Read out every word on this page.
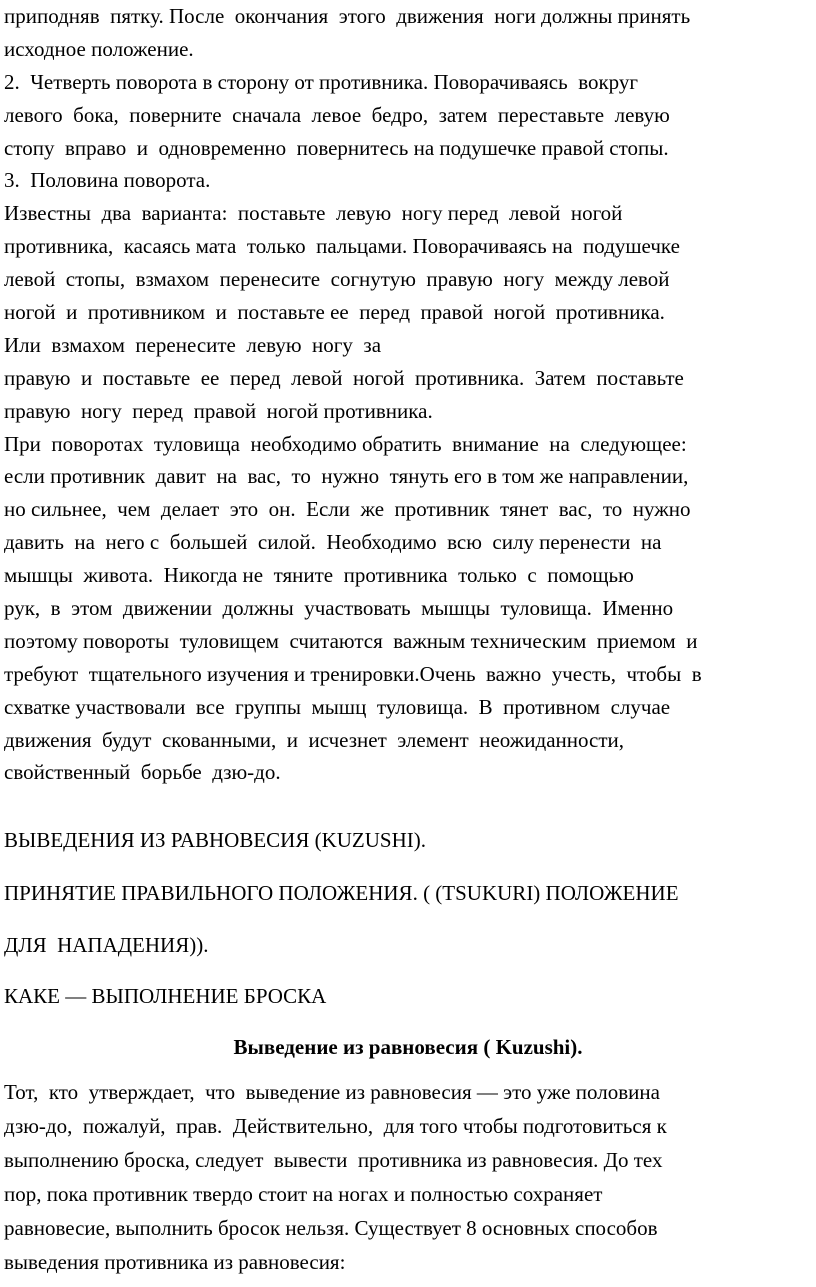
приподняв  пятку. После  окончания  этого  движения  ноги должны принять
исходное положение.
2.  Четверть поворота в сторону от противника. Поворачиваясь  вокруг
левого  бока,  поверните  сначала  левое  бедро,  затем  переставьте  левую
стопу  вправо  и  одновременно  повернитесь на подушечке правой стопы.
3.  Половина поворота.
Известны  два  варианта:  поставьте  левую  ногу перед  левой  ногой
противника,  касаясь мата  только  пальцами. Поворачиваясь на  подушечке
левой  стопы,  взмахом  перенесите  согнутую  правую  ногу  между левой
ногой  и  противником  и  поставьте ее  перед  правой  ногой  противника.
Или  взмахом  перенесите  левую  ногу  за
правую  и  поставьте  ее  перед  левой  ногой  противника.  Затем  поставьте
правую  ногу  перед  правой  ногой противника.
При  поворотах  туловища  необходимо обратить  внимание  на  следующее:
если противник  давит  на  вас,  то  нужно  тянуть его в том же направлении,
но сильнее,  чем  делает  это  он.  Если  же  противник  тянет  вас,  то  нужно
давить  на  него с  большей  силой.  Необходимо  всю  силу перенести  на
мышцы  живота.  Никогда не  тяните  противника  только  с  помощью
рук,  в  этом  движении  должны  участвовать  мышцы  туловища.  Именно
поэтому повороты  туловищем  считаются  важным техническим  приемом  и
требуют  тщательного изучения и тренировки.Очень  важно  учесть,  чтобы  в
схватке участвовали  все  группы  мышц  туловища.  В  противном  случае
движения  будут  скованными,  и  исчезнет  элемент  неожиданности,
свойственный  борьбе  дзю-до.
ВЫВЕДЕНИЯ ИЗ РАВНОВЕСИЯ (KUZUSHI).
ПРИНЯТИЕ ПРАВИЛЬНОГО ПОЛОЖЕНИЯ. ( (TSUKURI) ПОЛОЖЕНИЕ
ДЛЯ  НАПАДЕНИЯ)).
КАКЕ — ВЫПОЛНЕНИЕ БРОСКА
Выведение из равновесия ( Kuzushi).
Тот,  кто  утверждает,  что  выведение из равновесия — это уже половина
дзю-до,  пожалуй,  прав.  Действительно,  для того чтобы подготовиться к
выполнению броска, следует  вывести  противника из равновесия. До тех
пор, пока противник твердо стоит на ногах и полностью сохраняет
равновесие, выполнить бросок нельзя. Существует 8 основных способов
выведения противника из равновесия:
